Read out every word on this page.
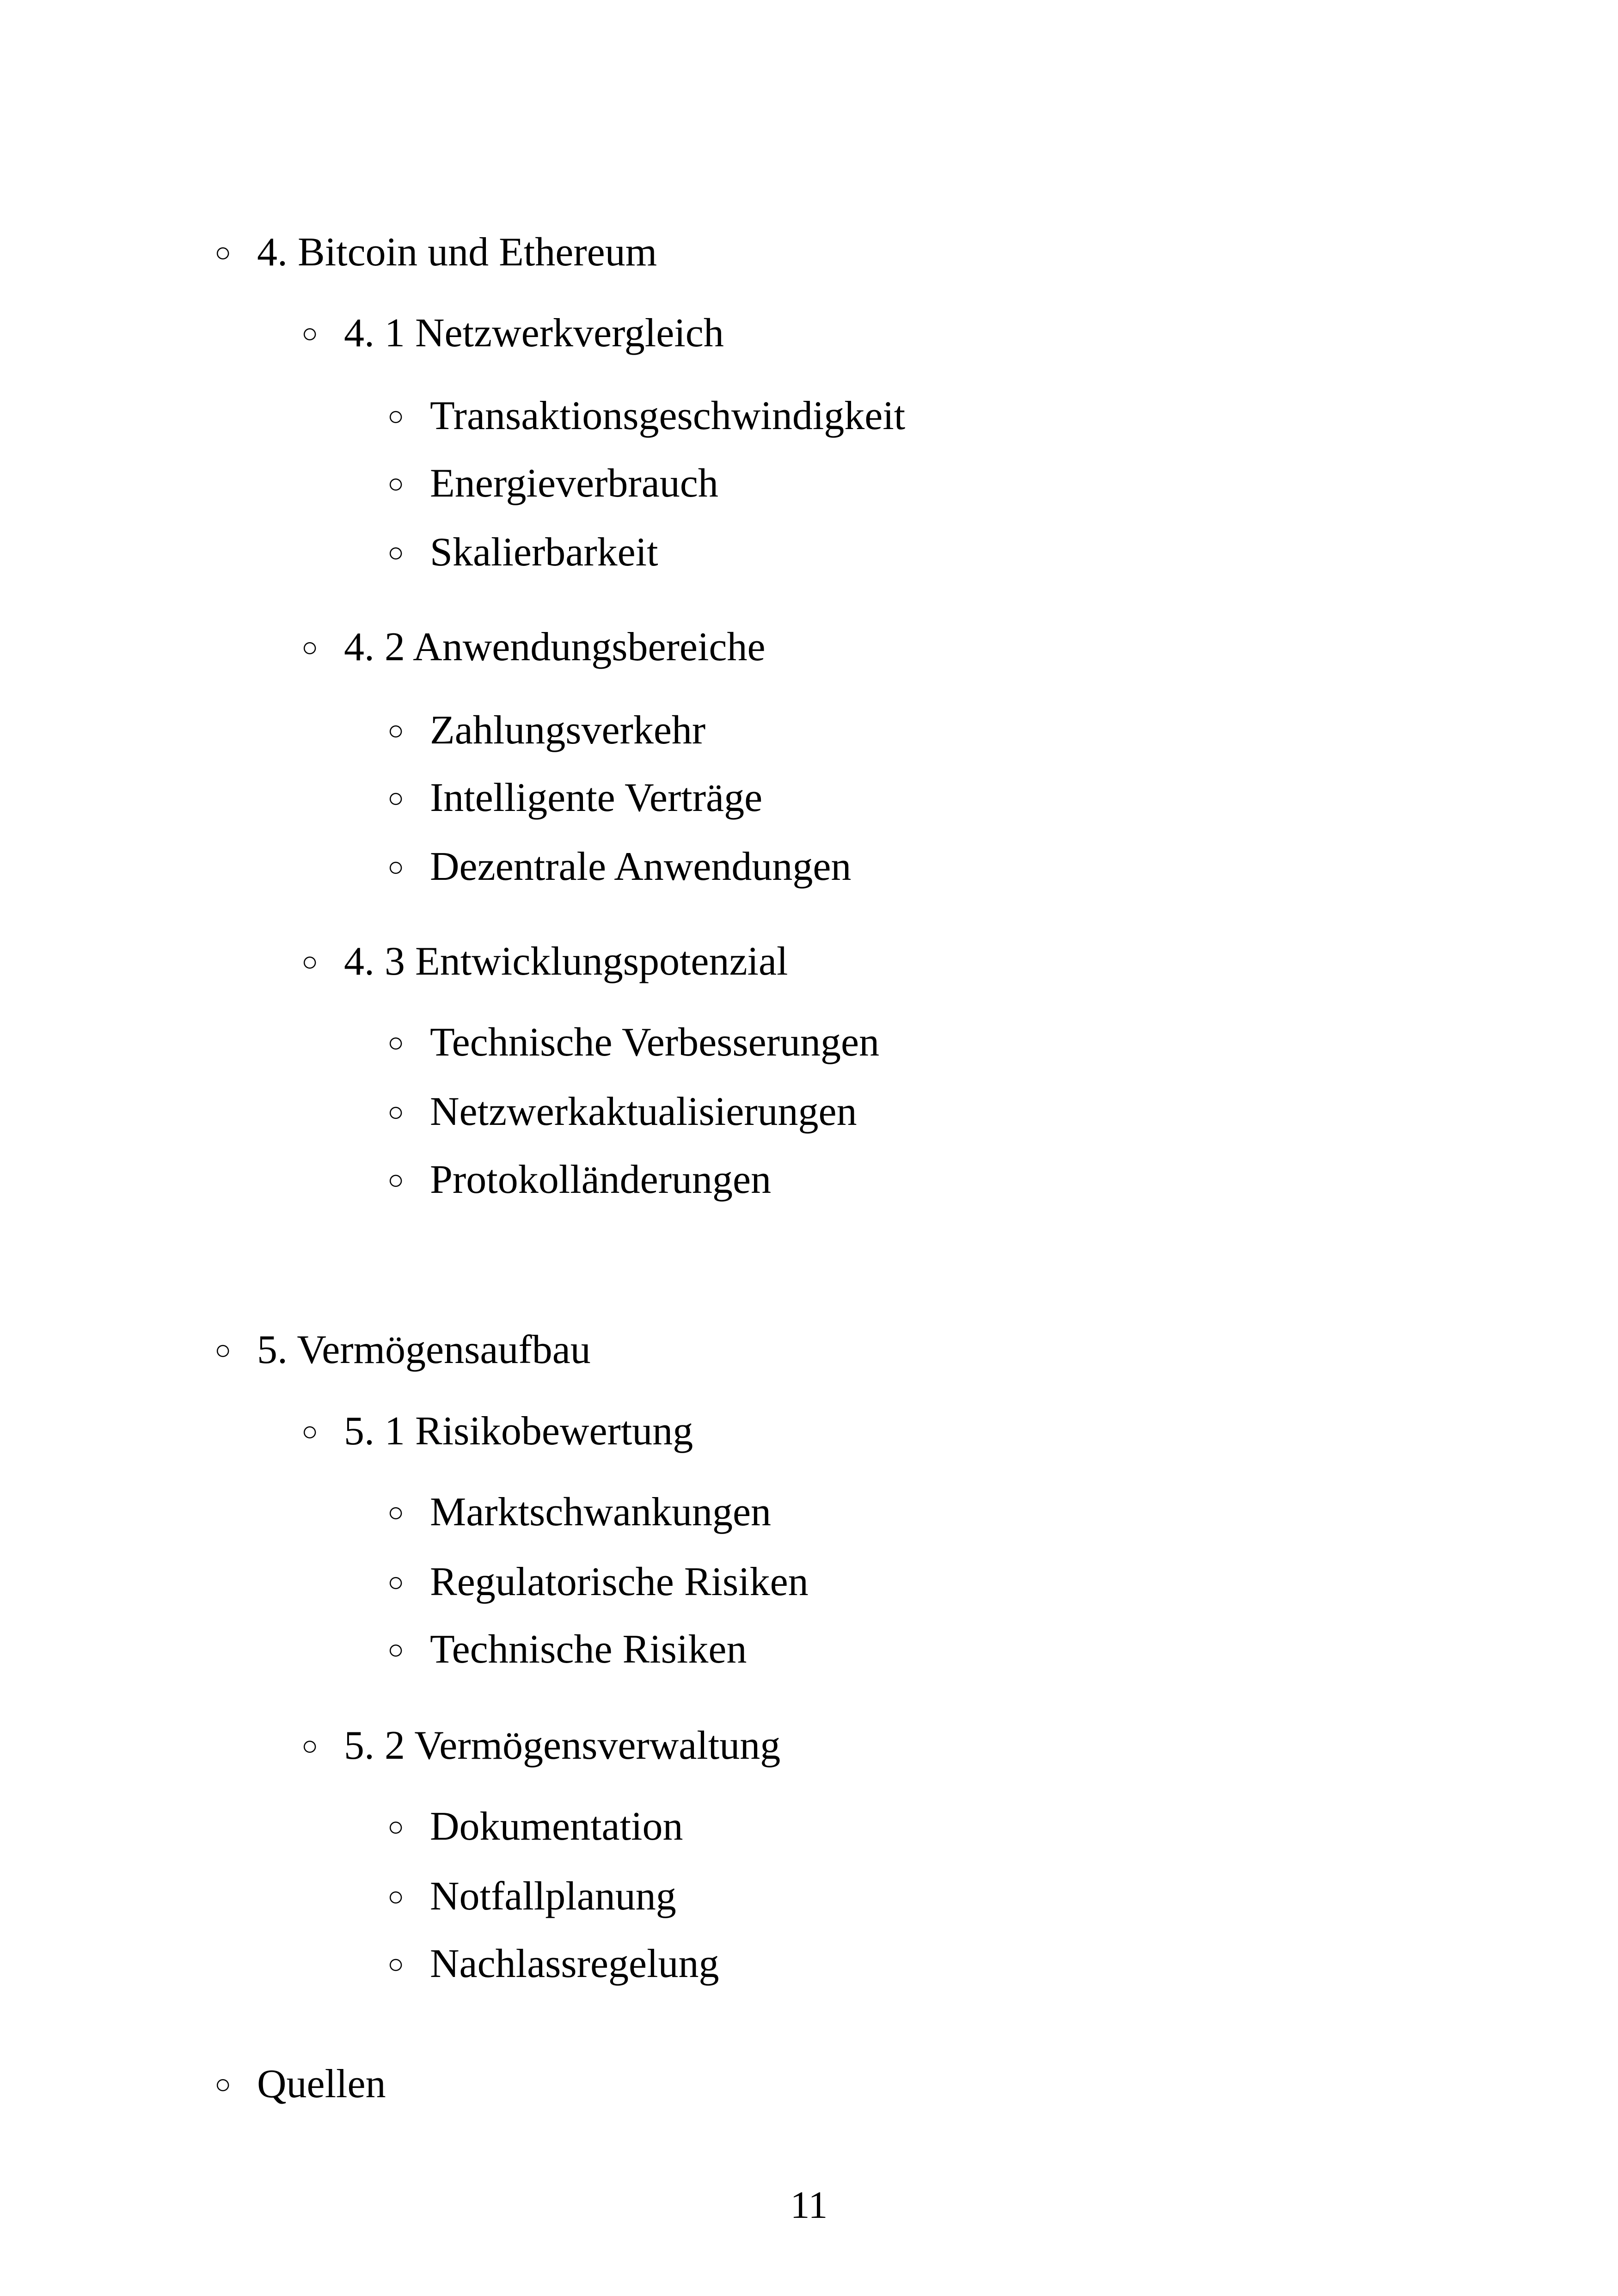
○ 4. Bitcoin und Ethereum
○ 4. 1 Netzwerkvergleich
○ Transaktionsgeschwindigkeit
○ Energieverbrauch
○ Skalierbarkeit
○ 4. 2 Anwendungsbereiche
○ Zahlungsverkehr
○ Intelligente Verträge
○ Dezentrale Anwendungen
○ 4. 3 Entwicklungspotenzial
○ Technische Verbesserungen
○ Netzwerkaktualisierungen
○ Protokolländerungen
○ 5. Vermögensaufbau
○ 5. 1 Risikobewertung
○ Marktschwankungen
○ Regulatorische Risiken
○ Technische Risiken
○ 5. 2 Vermögensverwaltung
○ Dokumentation
○ Notfallplanung
○ Nachlassregelung
○ Quellen
11
